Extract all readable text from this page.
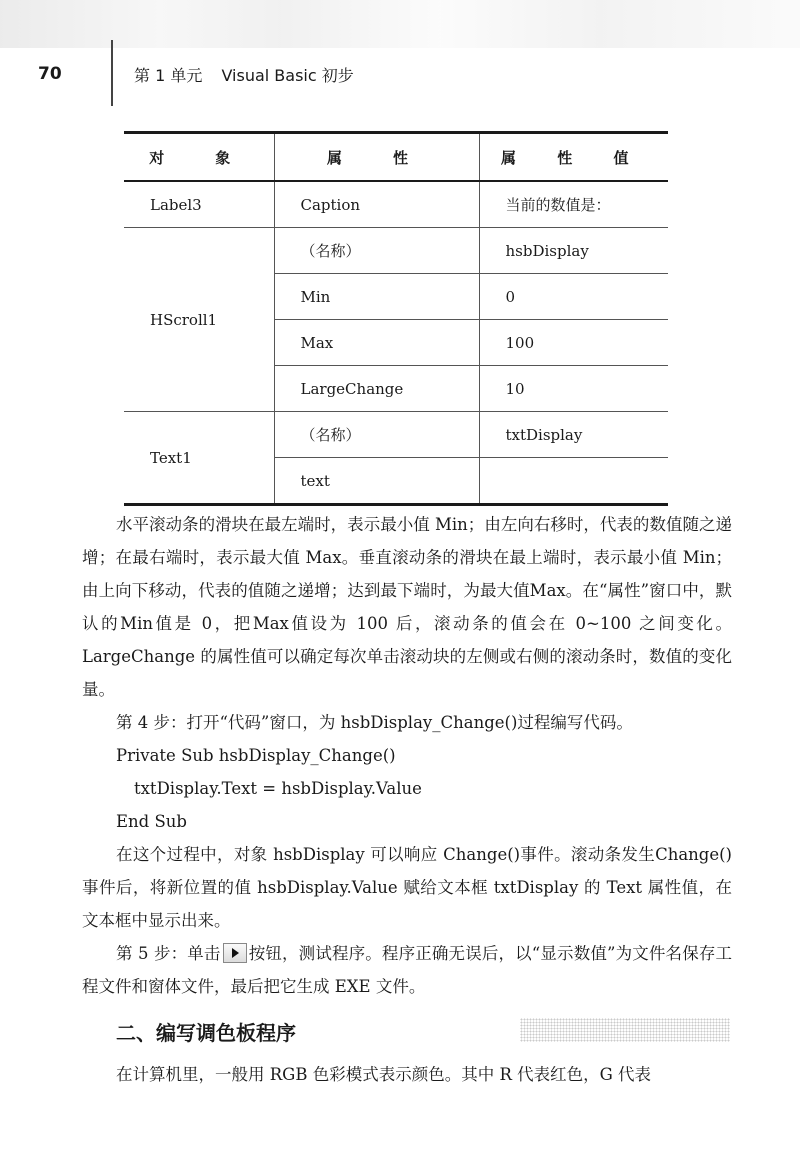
70	第 1 单元 Visual Basic 初步
对　象	属　性	属 性 值
Label3	Caption	当前的数值是：
HScroll1	（名称）	hsbDisplay
	Min	0
	Max	100
	LargeChange	10
Text1	（名称）	txtDisplay
	text	

水平滚动条的滑块在最左端时，表示最小值 Min；由左向右移时，代表的数值随之递增；在最右端时，表示最大值 Max。垂直滚动条的滑块在最上端时，表示最小值 Min；由上向下移动，代表的值随之递增；达到最下端时，为最大值Max。在“属性”窗口中，默认的Min值是 0，把Max值设为 100 后，滚动条的值会在 0~100 之间变化。LargeChange 的属性值可以确定每次单击滚动块的左侧或右侧的滚动条时，数值的变化量。

第 4 步：打开“代码”窗口，为 hsbDisplay_Change()过程编写代码。

Private Sub hsbDisplay_Change()

txtDisplay.Text = hsbDisplay.Value

End Sub

在这个过程中，对象 hsbDisplay 可以响应 Change()事件。滚动条发生Change()事件后，将新位置的值 hsbDisplay.Value 赋给文本框 txtDisplay 的 Text 属性值，在文本框中显示出来。

第 5 步：单击 按钮，测试程序。程序正确无误后，以“显示数值”为文件名保存工程文件和窗体文件，最后把它生成 EXE 文件。

二、编写调色板程序

在计算机里，一般用 RGB 色彩模式表示颜色。其中 R 代表红色，G 代表
